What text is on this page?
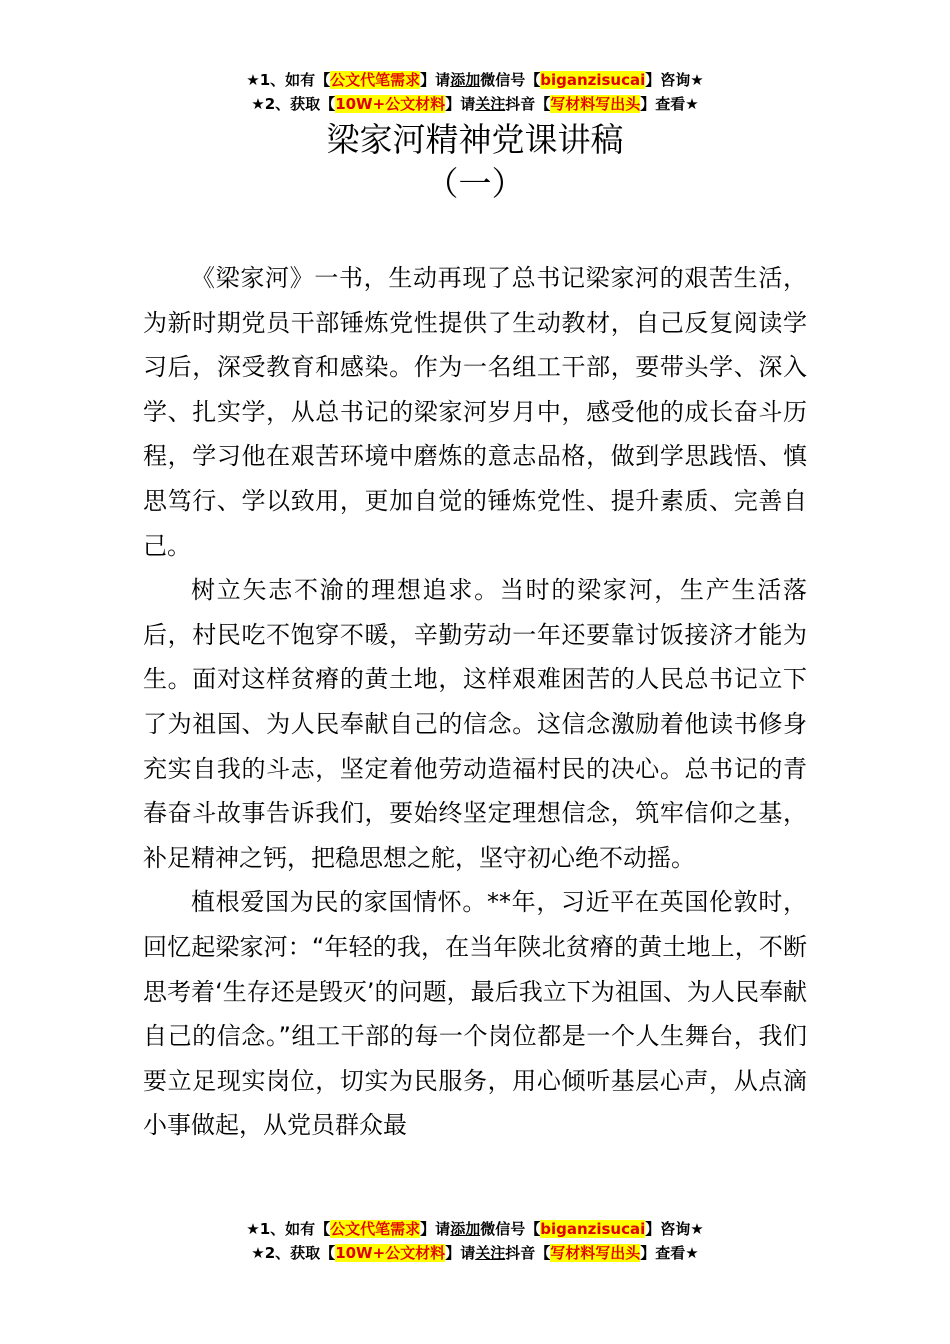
★1、如有【公文代笔需求】请添加微信号【biganzisucai】咨询★
★2、获取【10W+公文材料】请关注抖音【写材料写出头】查看★
梁家河精神党课讲稿
（一）

《梁家河》一书，生动再现了总书记梁家河的艰苦生活，为新时期党员干部锤炼党性提供了生动教材，自己反复阅读学习后，深受教育和感染。作为一名组工干部，要带头学、深入学、扎实学，从总书记的梁家河岁月中，感受他的成长奋斗历程，学习他在艰苦环境中磨炼的意志品格，做到学思践悟、慎思笃行、学以致用，更加自觉的锤炼党性、提升素质、完善自己。

树立矢志不渝的理想追求。当时的梁家河，生产生活落后，村民吃不饱穿不暖，辛勤劳动一年还要靠讨饭接济才能为生。面对这样贫瘠的黄土地，这样艰难困苦的人民总书记立下了为祖国、为人民奉献自己的信念。这信念激励着他读书修身充实自我的斗志，坚定着他劳动造福村民的决心。总书记的青春奋斗故事告诉我们，要始终坚定理想信念，筑牢信仰之基，补足精神之钙，把稳思想之舵，坚守初心绝不动摇。

植根爱国为民的家国情怀。**年，习近平在英国伦敦时，回忆起梁家河：“年轻的我，在当年陕北贫瘠的黄土地上，不断思考着‘生存还是毁灭’的问题，最后我立下为祖国、为人民奉献自己的信念。”组工干部的每一个岗位都是一个人生舞台，我们要立足现实岗位，切实为民服务，用心倾听基层心声，从点滴小事做起，从党员群众最

★1、如有【公文代笔需求】请添加微信号【biganzisucai】咨询★
★2、获取【10W+公文材料】请关注抖音【写材料写出头】查看★
